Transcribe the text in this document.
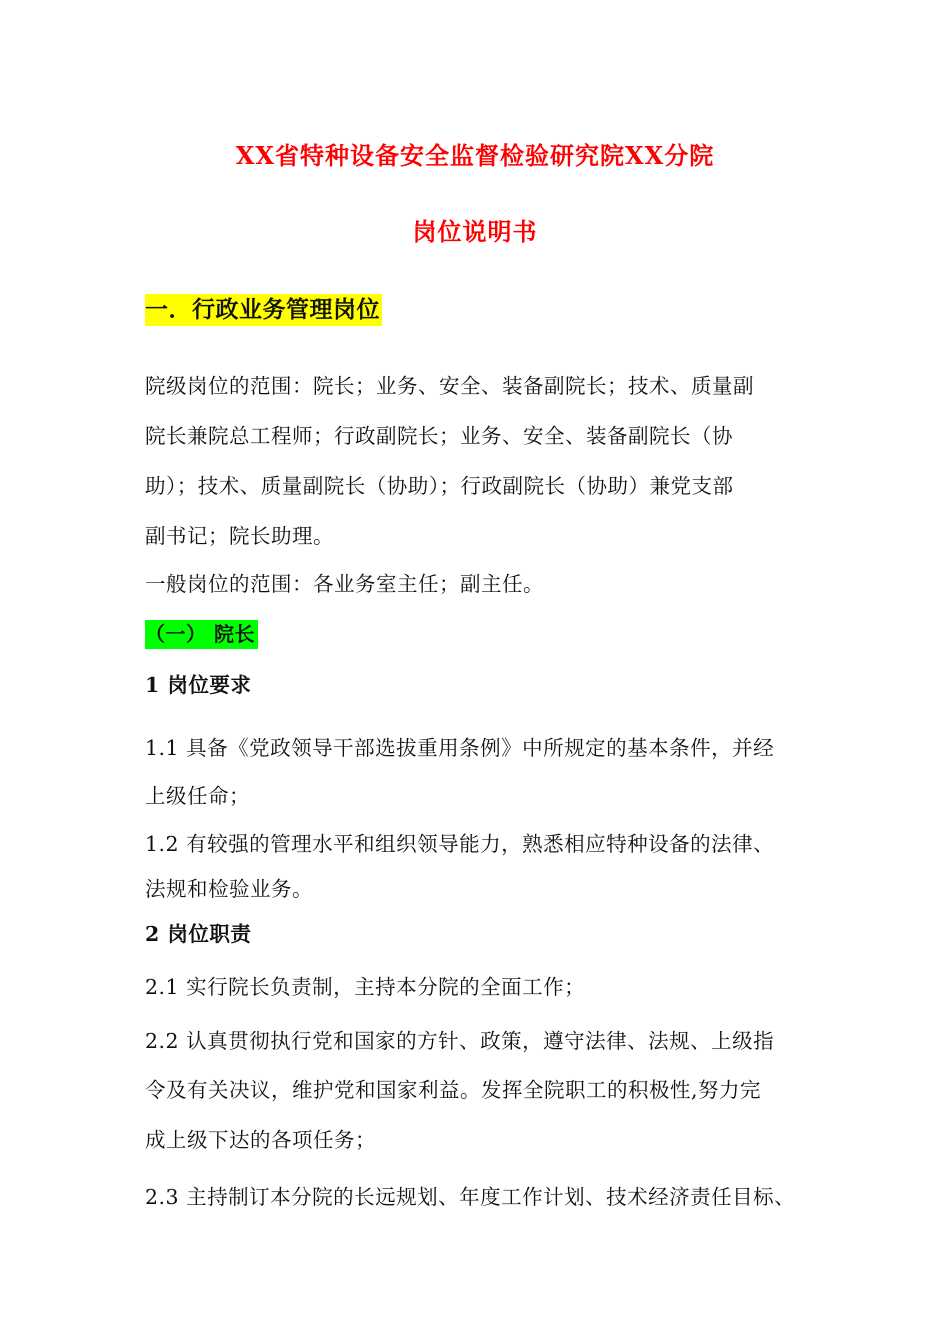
XX省特种设备安全监督检验研究院XX分院
岗位说明书
一．行政业务管理岗位
院级岗位的范围：院长；业务、安全、装备副院长；技术、质量副
院长兼院总工程师；行政副院长；业务、安全、装备副院长（协
助）；技术、质量副院长（协助）；行政副院长（协助）兼党支部
副书记；院长助理。
一般岗位的范围：各业务室主任；副主任。
（一） 院长
1 岗位要求
1.1 具备《党政领导干部选拔重用条例》中所规定的基本条件，并经
上级任命；
1.2 有较强的管理水平和组织领导能力，熟悉相应特种设备的法律、
法规和检验业务。
2 岗位职责
2.1 实行院长负责制，主持本分院的全面工作；
2.2 认真贯彻执行党和国家的方针、政策，遵守法律、法规、上级指
令及有关决议，维护党和国家利益。发挥全院职工的积极性,努力完
成上级下达的各项任务；
2.3 主持制订本分院的长远规划、年度工作计划、技术经济责任目标、
